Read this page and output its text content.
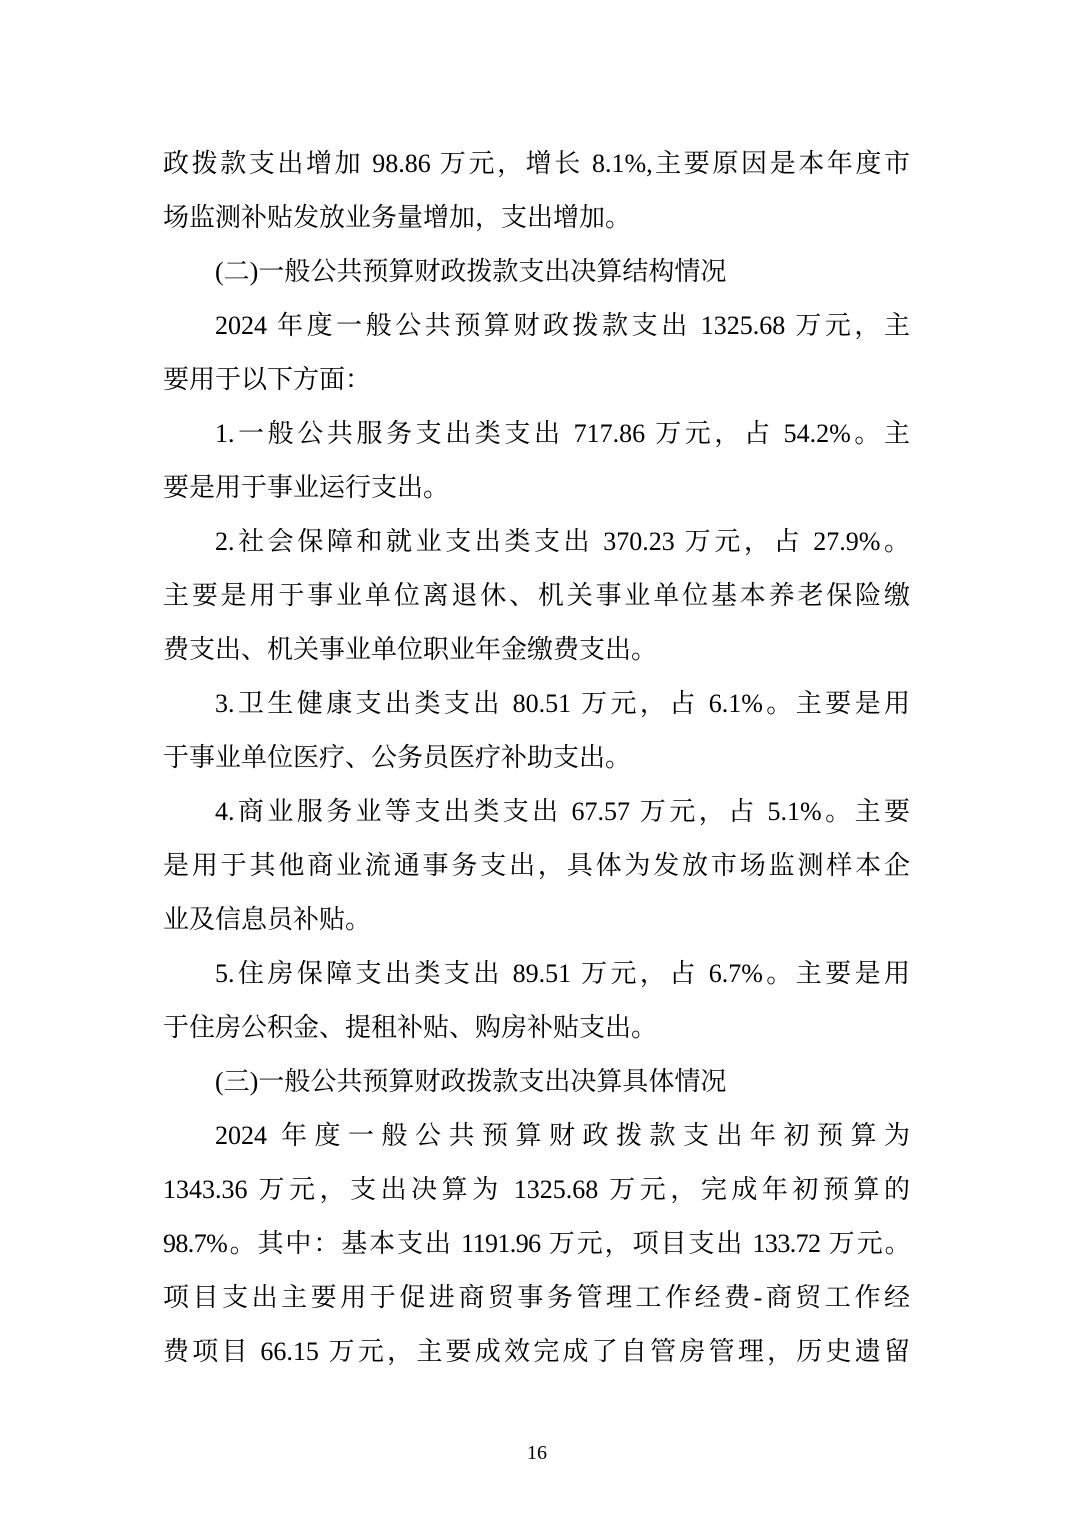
政拨款支出增加 98.86 万元，增长 8.1%,主要原因是本年度市
场监测补贴发放业务量增加，支出增加。
(二)一般公共预算财政拨款支出决算结构情况
2024 年度一般公共预算财政拨款支出 1325.68 万元，主
要用于以下方面：
1.一般公共服务支出类支出 717.86 万元，占 54.2%。主
要是用于事业运行支出。
2.社会保障和就业支出类支出 370.23 万元，占 27.9%。
主要是用于事业单位离退休、机关事业单位基本养老保险缴
费支出、机关事业单位职业年金缴费支出。
3.卫生健康支出类支出 80.51 万元，占 6.1%。主要是用
于事业单位医疗、公务员医疗补助支出。
4.商业服务业等支出类支出 67.57 万元，占 5.1%。主要
是用于其他商业流通事务支出，具体为发放市场监测样本企
业及信息员补贴。
5.住房保障支出类支出 89.51 万元，占 6.7%。主要是用
于住房公积金、提租补贴、购房补贴支出。
(三)一般公共预算财政拨款支出决算具体情况
2024 年度一般公共预算财政拨款支出年初预算为
1343.36 万元，支出决算为 1325.68 万元，完成年初预算的
98.7%。其中：基本支出 1191.96 万元，项目支出 133.72 万元。
项目支出主要用于促进商贸事务管理工作经费-商贸工作经
费项目 66.15 万元，主要成效完成了自管房管理，历史遗留
16
